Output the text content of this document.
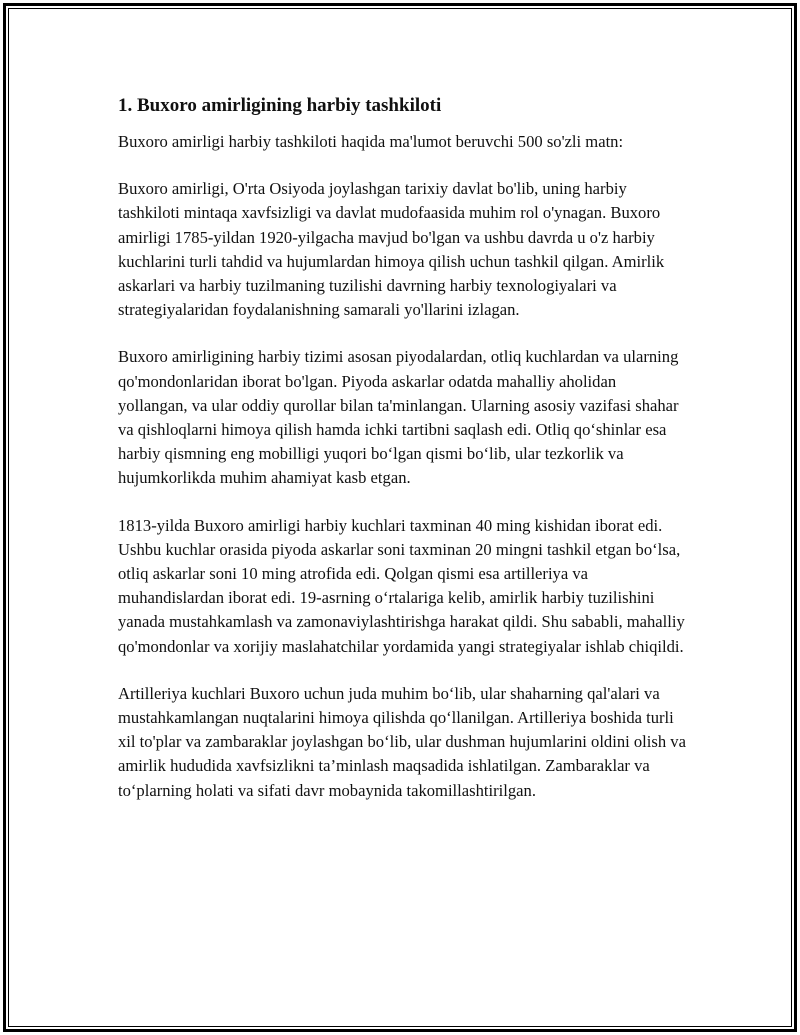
1. Buxoro amirligining harbiy tashkiloti

Buxoro amirligi harbiy tashkiloti haqida ma'lumot beruvchi 500 so'zli matn:

Buxoro amirligi, O'rta Osiyoda joylashgan tarixiy davlat bo'lib, uning harbiy tashkiloti mintaqa xavfsizligi va davlat mudofaasida muhim rol o'ynagan. Buxoro amirligi 1785-yildan 1920-yilgacha mavjud bo'lgan va ushbu davrda u o'z harbiy kuchlarini turli tahdid va hujumlardan himoya qilish uchun tashkil qilgan. Amirlik askarlari va harbiy tuzilmaning tuzilishi davrning harbiy texnologiyalari va strategiyalaridan foydalanishning samarali yo'llarini izlagan.

Buxoro amirligining harbiy tizimi asosan piyodalardan, otliq kuchlardan va ularning qo'mondonlaridan iborat bo'lgan. Piyoda askarlar odatda mahalliy aholidan yollangan, va ular oddiy qurollar bilan ta'minlangan. Ularning asosiy vazifasi shahar va qishloqlarni himoya qilish hamda ichki tartibni saqlash edi. Otliq qo‘shinlar esa harbiy qismning eng mobilligi yuqori bo‘lgan qismi bo‘lib, ular tezkorlik va hujumkorlikda muhim ahamiyat kasb etgan.

1813-yilda Buxoro amirligi harbiy kuchlari taxminan 40 ming kishidan iborat edi. Ushbu kuchlar orasida piyoda askarlar soni taxminan 20 mingni tashkil etgan bo‘lsa, otliq askarlar soni 10 ming atrofida edi. Qolgan qismi esa artilleriya va muhandislardan iborat edi. 19-asrning o‘rtalariga kelib, amirlik harbiy tuzilishini yanada mustahkamlash va zamonaviylashtirishga harakat qildi. Shu sababli, mahalliy qo'mondonlar va xorijiy maslahatchilar yordamida yangi strategiyalar ishlab chiqildi.

Artilleriya kuchlari Buxoro uchun juda muhim bo‘lib, ular shaharning qal'alari va mustahkamlangan nuqtalarini himoya qilishda qo‘llanilgan. Artilleriya boshida turli xil to'plar va zambaraklar joylashgan bo‘lib, ular dushman hujumlarini oldini olish va amirlik hududida xavfsizlikni ta’minlash maqsadida ishlatilgan. Zambaraklar va to‘plarning holati va sifati davr mobaynida takomillashtirilgan.
